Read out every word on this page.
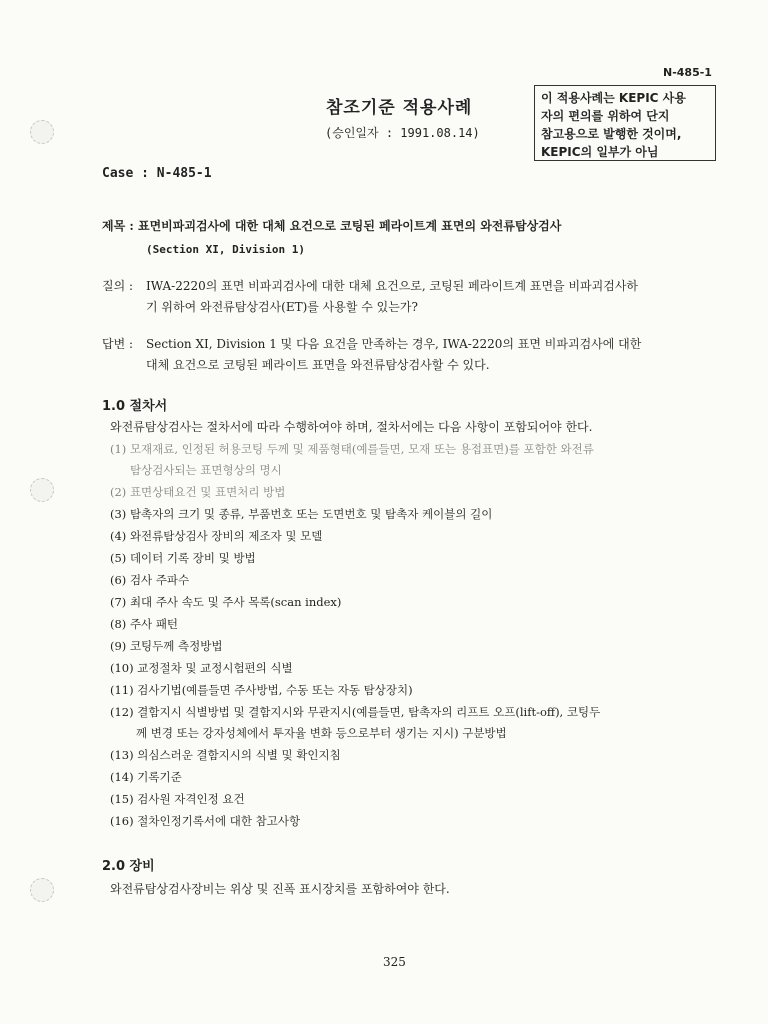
N-485-1
참조기준 적용사례
(승인일자 : 1991.08.14)
이 적용사례는 KEPIC 사용
자의 편의를 위하여 단지
참고용으로 발행한 것이며,
KEPIC의 일부가 아님
Case : N-485-1
제목 : 표면비파괴검사에 대한 대체 요건으로 코팅된 페라이트계 표면의 와전류탐상검사
(Section XI, Division 1)
질의 : IWA-2220의 표면 비파괴검사에 대한 대체 요건으로, 코팅된 페라이트계 표면을 비파괴검사하
기 위하여 와전류탐상검사(ET)를 사용할 수 있는가?
답변 : Section XI, Division 1 및 다음 요건을 만족하는 경우, IWA-2220의 표면 비파괴검사에 대한
대체 요건으로 코팅된 페라이트 표면을 와전류탐상검사할 수 있다.
1.0 절차서
와전류탐상검사는 절차서에 따라 수행하여야 하며, 절차서에는 다음 사항이 포함되어야 한다.
(1) 모재재료, 인정된 허용코팅 두께 및 제품형태(예를들면, 모재 또는 용접표면)를 포함한 와전류
탐상검사되는 표면형상의 명시
(2) 표면상태요건 및 표면처리 방법
(3) 탐촉자의 크기 및 종류, 부품번호 또는 도면번호 및 탐촉자 케이블의 길이
(4) 와전류탐상검사 장비의 제조자 및 모델
(5) 데이터 기록 장비 및 방법
(6) 검사 주파수
(7) 최대 주사 속도 및 주사 목록(scan index)
(8) 주사 패턴
(9) 코팅두께 측정방법
(10) 교정절차 및 교정시험편의 식별
(11) 검사기법(예를들면 주사방법, 수동 또는 자동 탐상장치)
(12) 결함지시 식별방법 및 결함지시와 무관지시(예를들면, 탐촉자의 리프트 오프(lift-off), 코팅두
께 변경 또는 강자성체에서 투자율 변화 등으로부터 생기는 지시) 구분방법
(13) 의심스러운 결함지시의 식별 및 확인지침
(14) 기록기준
(15) 검사원 자격인정 요건
(16) 절차인정기록서에 대한 참고사항
2.0 장비
와전류탐상검사장비는 위상 및 진폭 표시장치를 포함하여야 한다.
325
